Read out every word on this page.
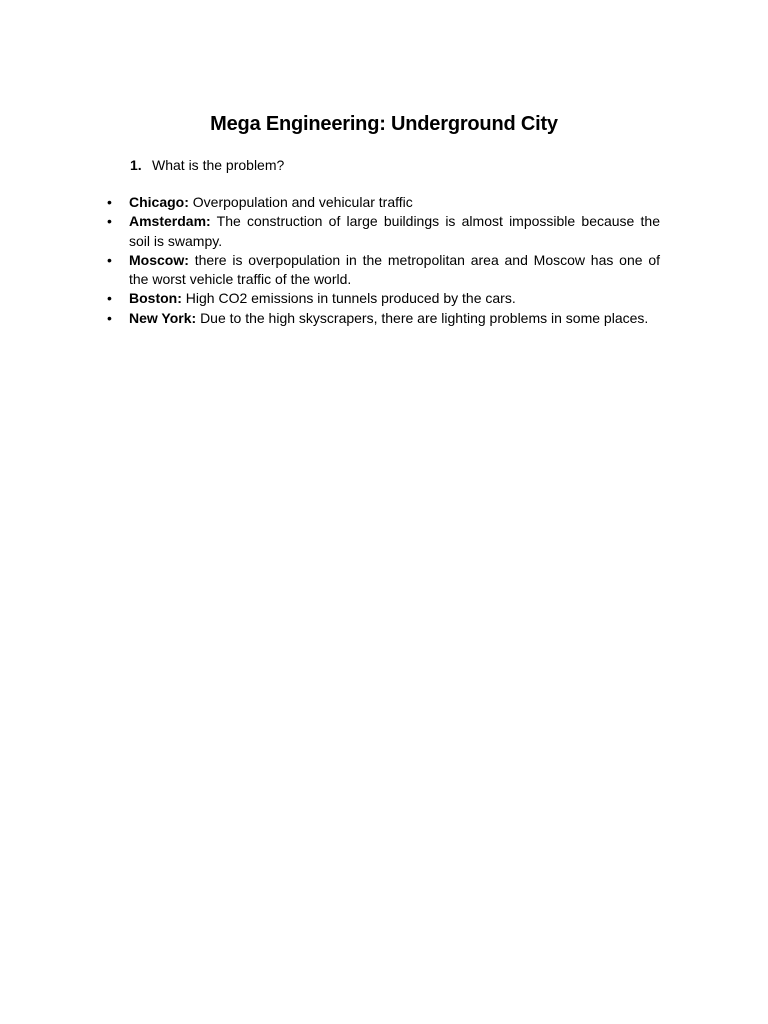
Mega Engineering: Underground City
1. What is the problem?
•	Chicago: Overpopulation and vehicular traffic
•	Amsterdam: The construction of large buildings is almost impossible because the soil is swampy.
•	Moscow: there is overpopulation in the metropolitan area and Moscow has one of the worst vehicle traffic of the world.
•	Boston: High CO2 emissions in tunnels produced by the cars.
•	New York: Due to the high skyscrapers, there are lighting problems in some places.
